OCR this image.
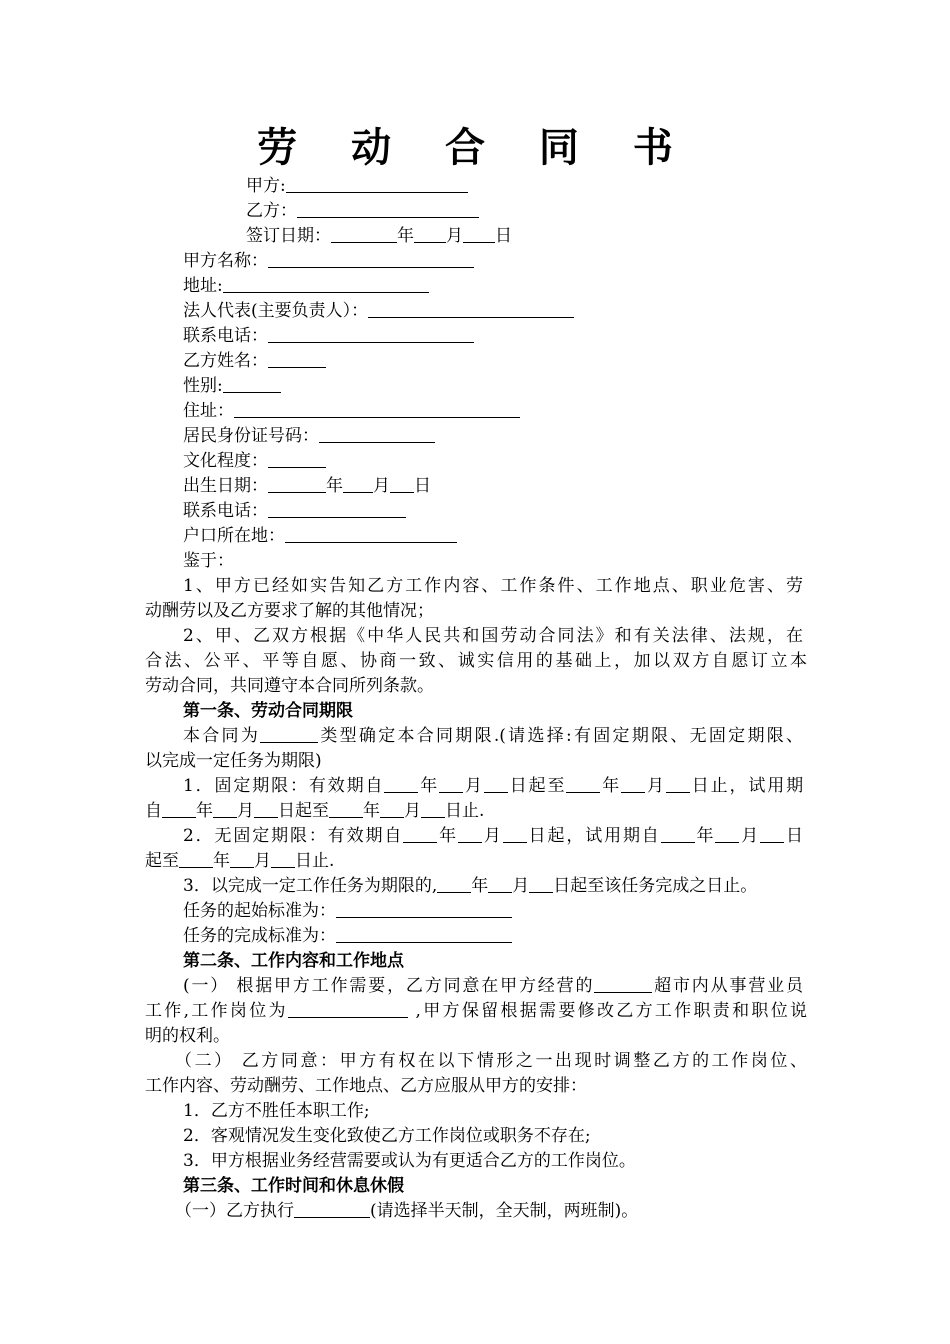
劳 动 合 同 书
甲方:
乙方：
签订日期：	年 月 日
甲方名称：
地址:
法人代表(主要负责人）：
联系电话：
乙方姓名：
性别:
住址：
居民身份证号码：
文化程度：
出生日期：	年 月 日
联系电话：
户口所在地：
鉴于：
1、甲方已经如实告知乙方工作内容、工作条件、工作地点、职业危害、劳
动酬劳以及乙方要求了解的其他情况；
2、甲、乙双方根据《中华人民共和国劳动合同法》和有关法律、法规，在
合法、公平、平等自愿、协商一致、诚实信用的基础上，加以双方自愿订立本
劳动合同，共同遵守本合同所列条款。
第一条、劳动合同期限
本合同为	类型确定本合同期限.(请选择:有固定期限、无固定期限、
以完成一定任务为期限)
1．固定期限：有效期自 年 月 日起至 年 月 日止，试用期
自 年 月 日起至 年 月 日止.
2．无固定期限：有效期自 年 月 日起，试用期自 年 月 日
起至 年 月 日止.
3．以完成一定工作任务为期限的, 年 月 日起至该任务完成之日止。
任务的起始标准为：
任务的完成标准为：
第二条、工作内容和工作地点
(一） 根据甲方工作需要，乙方同意在甲方经营的	超市内从事营业员
工作,工作岗位为	,甲方保留根据需要修改乙方工作职责和职位说
明的权利。
（二） 乙方同意：甲方有权在以下情形之一出现时调整乙方的工作岗位、
工作内容、劳动酬劳、工作地点、乙方应服从甲方的安排：
1．乙方不胜任本职工作;
2．客观情况发生变化致使乙方工作岗位或职务不存在;
3．甲方根据业务经营需要或认为有更适合乙方的工作岗位。
第三条、工作时间和休息休假
（一）乙方执行	(请选择半天制，全天制，两班制)。
